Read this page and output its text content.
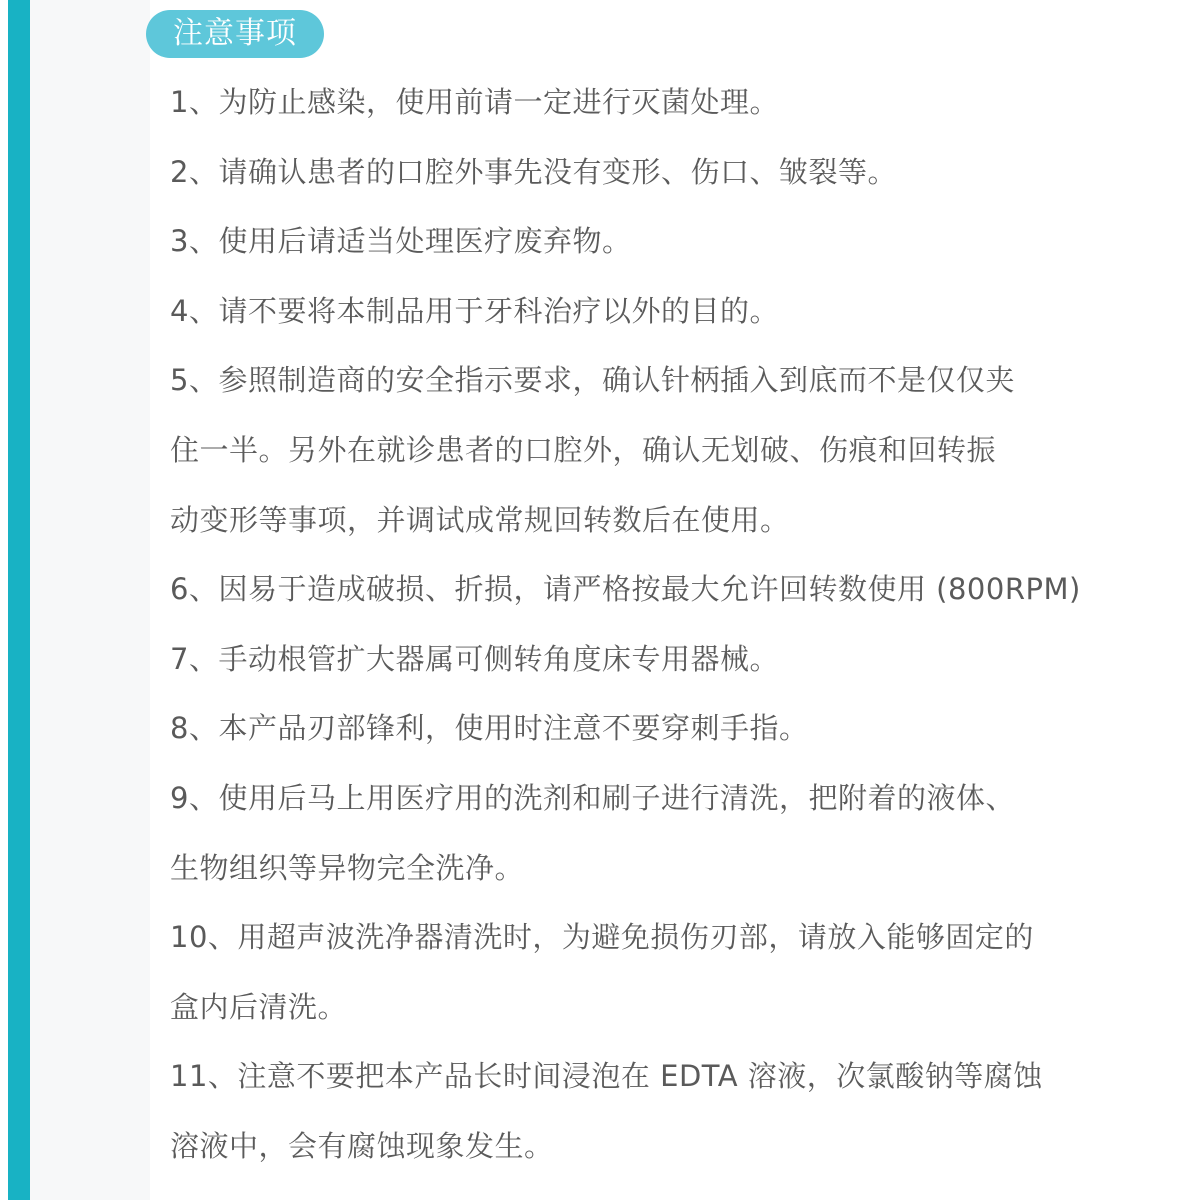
注意事项
1、为防止感染，使用前请一定进行灭菌处理。
2、请确认患者的口腔外事先没有变形、伤口、皱裂等。
3、使用后请适当处理医疗废弃物。
4、请不要将本制品用于牙科治疗以外的目的。
5、参照制造商的安全指示要求，确认针柄插入到底而不是仅仅夹
住一半。另外在就诊患者的口腔外，确认无划破、伤痕和回转振
动变形等事项，并调试成常规回转数后在使用。
6、因易于造成破损、折损，请严格按最大允许回转数使用 (800RPM)
7、手动根管扩大器属可侧转角度床专用器械。
8、本产品刃部锋利，使用时注意不要穿刺手指。
9、使用后马上用医疗用的洗剂和刷子进行清洗，把附着的液体、
生物组织等异物完全洗净。
10、用超声波洗净器清洗时，为避免损伤刃部，请放入能够固定的
盒内后清洗。
11、注意不要把本产品长时间浸泡在 EDTA 溶液，次氯酸钠等腐蚀
溶液中，会有腐蚀现象发生。
